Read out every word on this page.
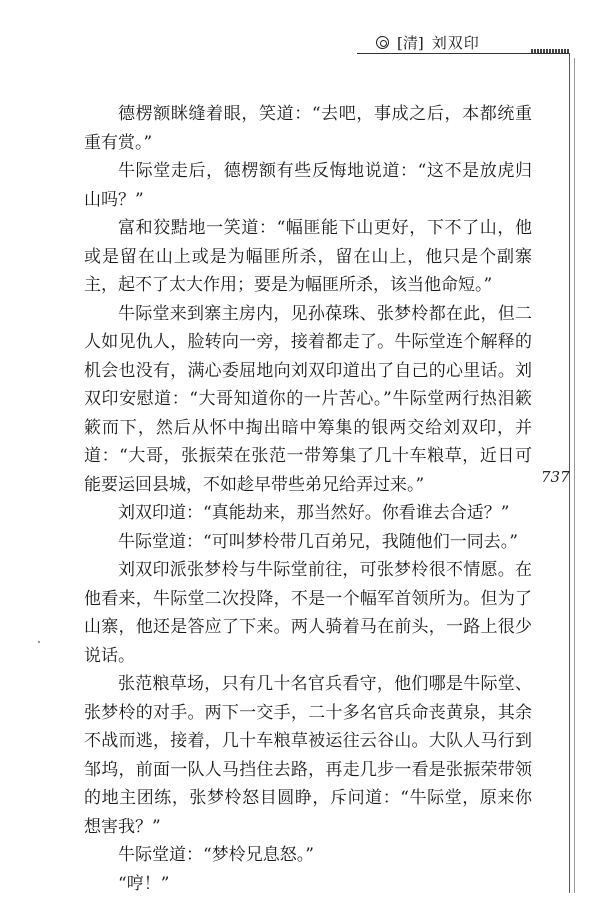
[清] 刘双印
737

德楞额眯缝着眼，笑道：“去吧，事成之后，本都统重重有赏。”

牛际堂走后，德楞额有些反悔地说道：“这不是放虎归山吗？”

富和狡黠地一笑道：“幅匪能下山更好，下不了山，他或是留在山上或是为幅匪所杀，留在山上，他只是个副寨主，起不了太大作用；要是为幅匪所杀，该当他命短。”

牛际堂来到寨主房内，见孙葆珠、张梦柃都在此，但二人如见仇人，脸转向一旁，接着都走了。牛际堂连个解释的机会也没有，满心委屈地向刘双印道出了自己的心里话。刘双印安慰道：“大哥知道你的一片苦心。”牛际堂两行热泪簌簌而下，然后从怀中掏出暗中筹集的银两交给刘双印，并道：“大哥，张振荣在张范一带筹集了几十车粮草，近日可能要运回县城，不如趁早带些弟兄给弄过来。”

刘双印道：“真能劫来，那当然好。你看谁去合适？”

牛际堂道：“可叫梦柃带几百弟兄，我随他们一同去。”

刘双印派张梦柃与牛际堂前往，可张梦柃很不情愿。在他看来，牛际堂二次投降，不是一个幅军首领所为。但为了山寨，他还是答应了下来。两人骑着马在前头，一路上很少说话。

张范粮草场，只有几十名官兵看守，他们哪是牛际堂、张梦柃的对手。两下一交手，二十多名官兵命丧黄泉，其余不战而逃，接着，几十车粮草被运往云谷山。大队人马行到邹坞，前面一队人马挡住去路，再走几步一看是张振荣带领的地主团练，张梦柃怒目圆睁，斥问道：“牛际堂，原来你想害我？”

牛际堂道：“梦柃兄息怒。”

“哼！”
